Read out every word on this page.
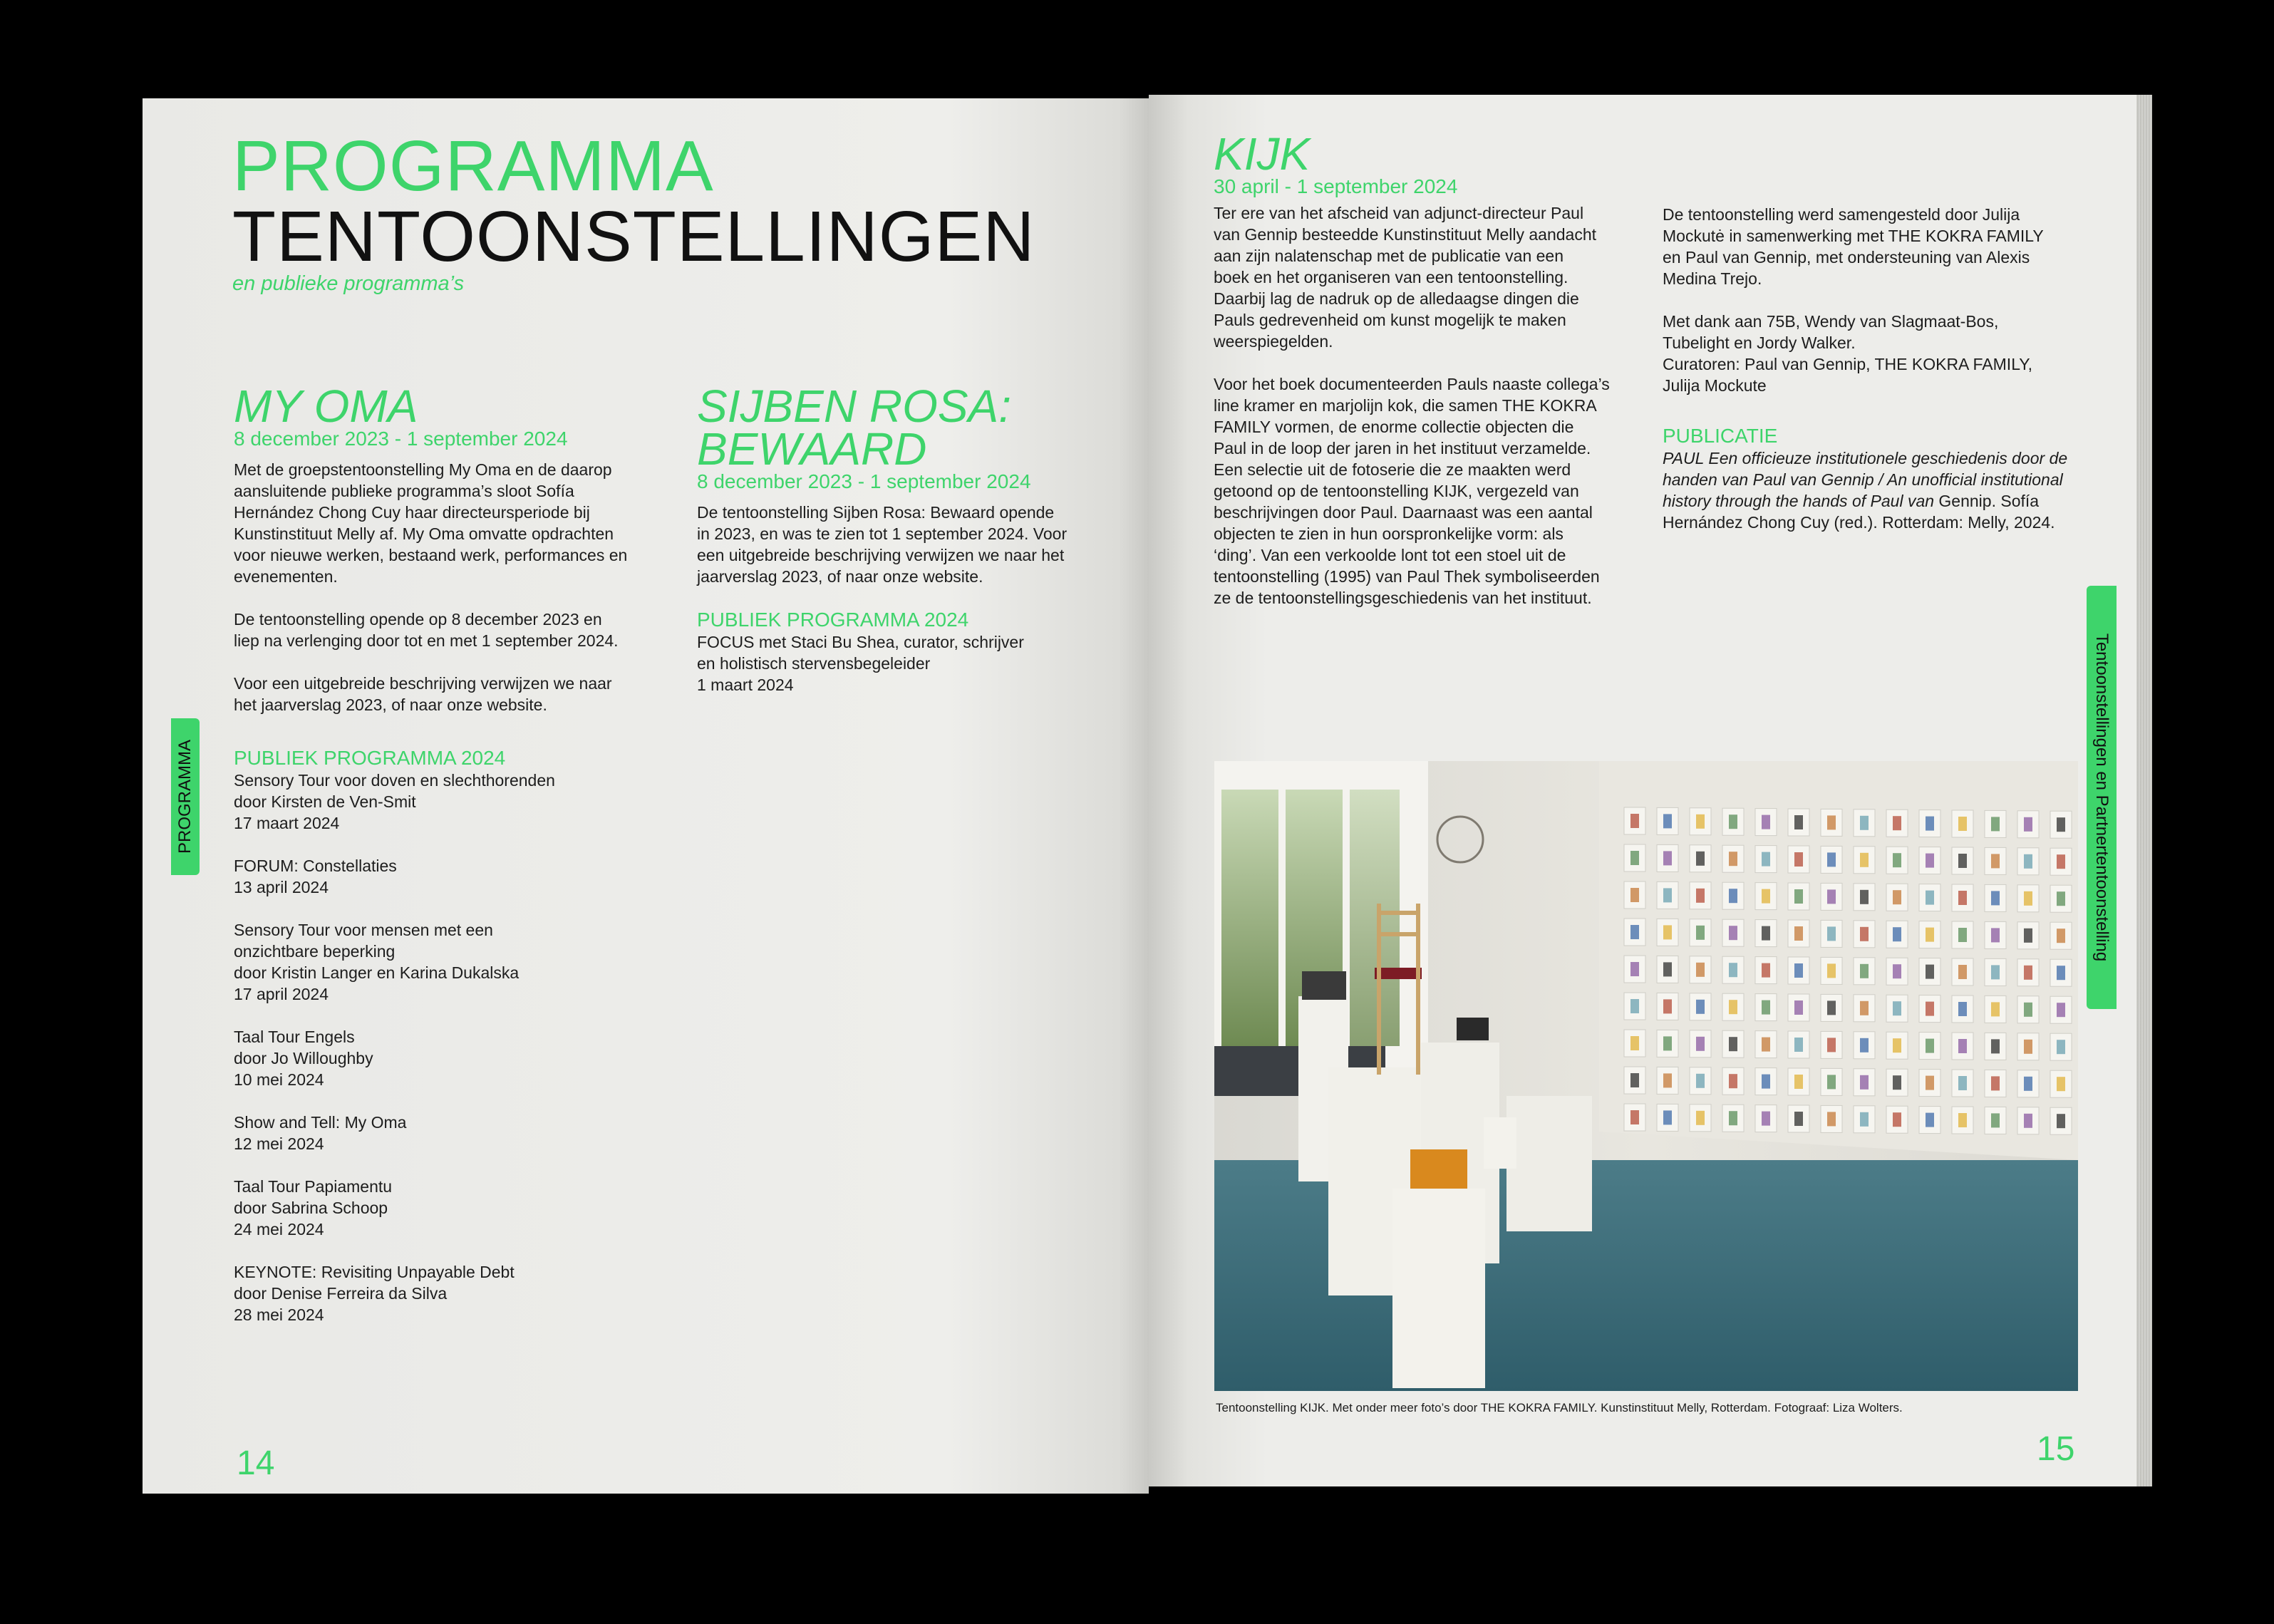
PROGRAMMA
TENTOONSTELLINGEN
en publieke programma’s
PROGRAMMA
MY OMA
8 december 2023 - 1 september 2024

Met de groepstentoonstelling My Oma en de daarop
aansluitende publieke programma’s sloot Sofía
Hernández Chong Cuy haar directeursperiode bij
Kunstinstituut Melly af. My Oma omvatte opdrachten
voor nieuwe werken, bestaand werk, performances en
evenementen.

De tentoonstelling opende op 8 december 2023 en
liep na verlenging door tot en met 1 september 2024.

Voor een uitgebreide beschrijving verwijzen we naar
het jaarverslag 2023, of naar onze website.

PUBLIEK PROGRAMMA 2024
Sensory Tour voor doven en slechthorenden
door Kirsten de Ven-Smit
17 maart 2024
FORUM: Constellaties
13 april 2024
Sensory Tour voor mensen met een
onzichtbare beperking
door Kristin Langer en Karina Dukalska
17 april 2024
Taal Tour Engels
door Jo Willoughby
10 mei 2024
Show and Tell: My Oma
12 mei 2024
Taal Tour Papiamentu
door Sabrina Schoop
24 mei 2024
KEYNOTE: Revisiting Unpayable Debt
door Denise Ferreira da Silva
28 mei 2024
SIJBEN ROSA:
BEWAARD
8 december 2023 - 1 september 2024

De tentoonstelling Sijben Rosa: Bewaard opende
in 2023, en was te zien tot 1 september 2024. Voor
een uitgebreide beschrijving verwijzen we naar het
jaarverslag 2023, of naar onze website.

PUBLIEK PROGRAMMA 2024
FOCUS met Staci Bu Shea, curator, schrijver
en holistisch stervensbegeleider
1 maart 2024
14
KIJK
30 april - 1 september 2024

Ter ere van het afscheid van adjunct-directeur Paul
van Gennip besteedde Kunstinstituut Melly aandacht
aan zijn nalatenschap met de publicatie van een
boek en het organiseren van een tentoonstelling.
Daarbij lag de nadruk op de alledaagse dingen die
Pauls gedrevenheid om kunst mogelijk te maken
weerspiegelden.

Voor het boek documenteerden Pauls naaste collega’s
line kramer en marjolijn kok, die samen THE KOKRA
FAMILY vormen, de enorme collectie objecten die
Paul in de loop der jaren in het instituut verzamelde.
Een selectie uit de fotoserie die ze maakten werd
getoond op de tentoonstelling KIJK, vergezeld van
beschrijvingen door Paul. Daarnaast was een aantal
objecten te zien in hun oorspronkelijke vorm: als
‘ding’. Van een verkoolde lont tot een stoel uit de
tentoonstelling (1995) van Paul Thek symboliseerden
ze de tentoonstellingsgeschiedenis van het instituut.

De tentoonstelling werd samengesteld door Julija
Mockutė in samenwerking met THE KOKRA FAMILY
en Paul van Gennip, met ondersteuning van Alexis
Medina Trejo.

Met dank aan 75B, Wendy van Slagmaat-Bos,
Tubelight en Jordy Walker.
Curatoren: Paul van Gennip, THE KOKRA FAMILY,
Julija Mockute

PUBLICATIE
PAUL Een officieuze institutionele geschiedenis door de handen van Paul van Gennip / An unofficial institutional history through the hands of Paul van Gennip. Sofía Hernández Chong Cuy (red.). Rotterdam: Melly, 2024.
Tentoonstellingen en Partnertentoonstelling
Tentoonstelling KIJK. Met onder meer foto’s door THE KOKRA FAMILY. Kunstinstituut Melly, Rotterdam. Fotograaf: Liza Wolters.
15
